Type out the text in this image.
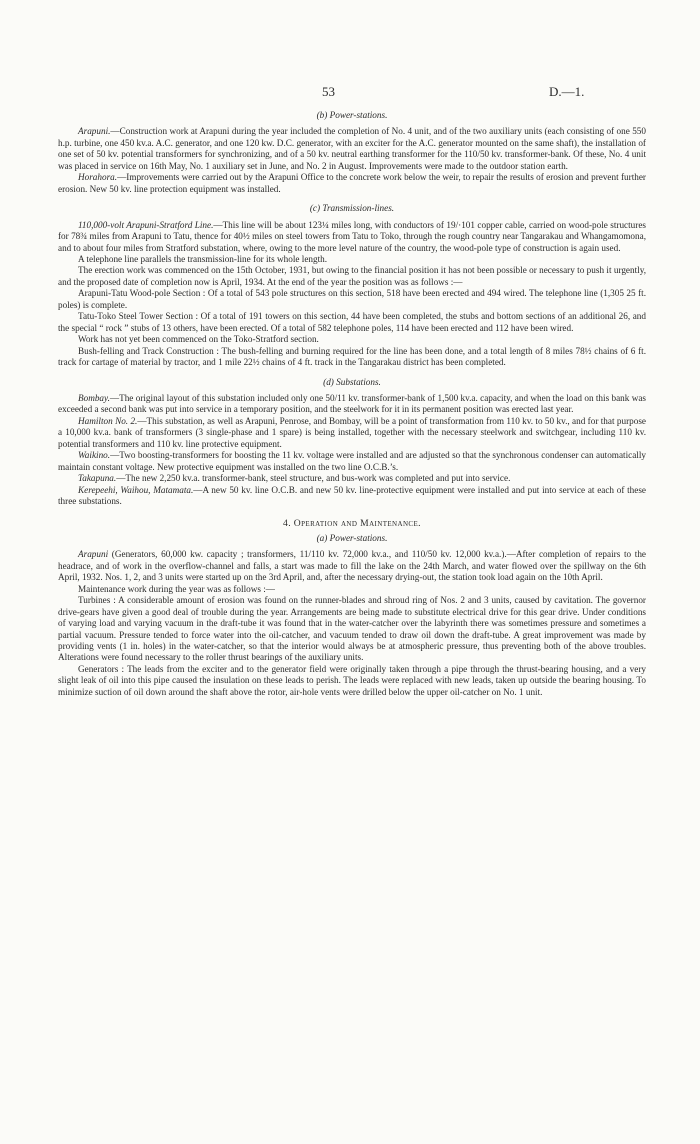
53	D.—1.
(b) Power-stations.

Arapuni.—Construction work at Arapuni during the year included the completion of No. 4 unit, and of the two auxiliary units (each consisting of one 550 h.p. turbine, one 450 kv.a. A.C. generator, and one 120 kw. D.C. generator, with an exciter for the A.C. generator mounted on the same shaft), the installation of one set of 50 kv. potential transformers for synchronizing, and of a 50 kv. neutral earthing transformer for the 110/50 kv. transformer-bank. Of these, No. 4 unit was placed in service on 16th May, No. 1 auxiliary set in June, and No. 2 in August. Improvements were made to the outdoor station earth.

Horahora.—Improvements were carried out by the Arapuni Office to the concrete work below the weir, to repair the results of erosion and prevent further erosion. New 50 kv. line protection equipment was installed.

(c) Transmission-lines.

110,000-volt Arapuni-Stratford Line.—This line will be about 123¼ miles long, with conductors of 19/·101 copper cable, carried on wood-pole structures for 78¾ miles from Arapuni to Tatu, thence for 40½ miles on steel towers from Tatu to Toko, through the rough country near Tangarakau and Whangamomona, and to about four miles from Stratford substation, where, owing to the more level nature of the country, the wood-pole type of construction is again used.

A telephone line parallels the transmission-line for its whole length.

The erection work was commenced on the 15th October, 1931, but owing to the financial position it has not been possible or necessary to push it urgently, and the proposed date of completion now is April, 1934. At the end of the year the position was as follows :—

Arapuni-Tatu Wood-pole Section : Of a total of 543 pole structures on this section, 518 have been erected and 494 wired. The telephone line (1,305 25 ft. poles) is complete.

Tatu-Toko Steel Tower Section : Of a total of 191 towers on this section, 44 have been completed, the stubs and bottom sections of an additional 26, and the special “ rock ” stubs of 13 others, have been erected. Of a total of 582 telephone poles, 114 have been erected and 112 have been wired.

Work has not yet been commenced on the Toko-Stratford section.

Bush-felling and Track Construction : The bush-felling and burning required for the line has been done, and a total length of 8 miles 78½ chains of 6 ft. track for cartage of material by tractor, and 1 mile 22½ chains of 4 ft. track in the Tangarakau district has been completed.

(d) Substations.

Bombay.—The original layout of this substation included only one 50/11 kv. transformer-bank of 1,500 kv.a. capacity, and when the load on this bank was exceeded a second bank was put into service in a temporary position, and the steelwork for it in its permanent position was erected last year.

Hamilton No. 2.—This substation, as well as Arapuni, Penrose, and Bombay, will be a point of transformation from 110 kv. to 50 kv., and for that purpose a 10,000 kv.a. bank of transformers (3 single-phase and 1 spare) is being installed, together with the necessary steelwork and switchgear, including 110 kv. potential transformers and 110 kv. line protective equipment.

Waikino.—Two boosting-transformers for boosting the 11 kv. voltage were installed and are adjusted so that the synchronous condenser can automatically maintain constant voltage. New protective equipment was installed on the two line O.C.B.’s.

Takapuna.—The new 2,250 kv.a. transformer-bank, steel structure, and bus-work was completed and put into service.

Kerepeehi, Waihou, Matamata.—A new 50 kv. line O.C.B. and new 50 kv. line-protective equipment were installed and put into service at each of these three substations.

4. Operation and Maintenance.
(a) Power-stations.

Arapuni (Generators, 60,000 kw. capacity ; transformers, 11/110 kv. 72,000 kv.a., and 110/50 kv. 12,000 kv.a.).—After completion of repairs to the headrace, and of work in the overflow-channel and falls, a start was made to fill the lake on the 24th March, and water flowed over the spillway on the 6th April, 1932. Nos. 1, 2, and 3 units were started up on the 3rd April, and, after the necessary drying-out, the station took load again on the 10th April.

Maintenance work during the year was as follows :—

Turbines : A considerable amount of erosion was found on the runner-blades and shroud ring of Nos. 2 and 3 units, caused by cavitation. The governor drive-gears have given a good deal of trouble during the year. Arrangements are being made to substitute electrical drive for this gear drive. Under conditions of varying load and varying vacuum in the draft-tube it was found that in the water-catcher over the labyrinth there was sometimes pressure and sometimes a partial vacuum. Pressure tended to force water into the oil-catcher, and vacuum tended to draw oil down the draft-tube. A great improvement was made by providing vents (1 in. holes) in the water-catcher, so that the interior would always be at atmospheric pressure, thus preventing both of the above troubles. Alterations were found necessary to the roller thrust bearings of the auxiliary units.

Generators : The leads from the exciter and to the generator field were originally taken through a pipe through the thrust-bearing housing, and a very slight leak of oil into this pipe caused the insulation on these leads to perish. The leads were replaced with new leads, taken up outside the bearing housing. To minimize suction of oil down around the shaft above the rotor, air-hole vents were drilled below the upper oil-catcher on No. 1 unit.
